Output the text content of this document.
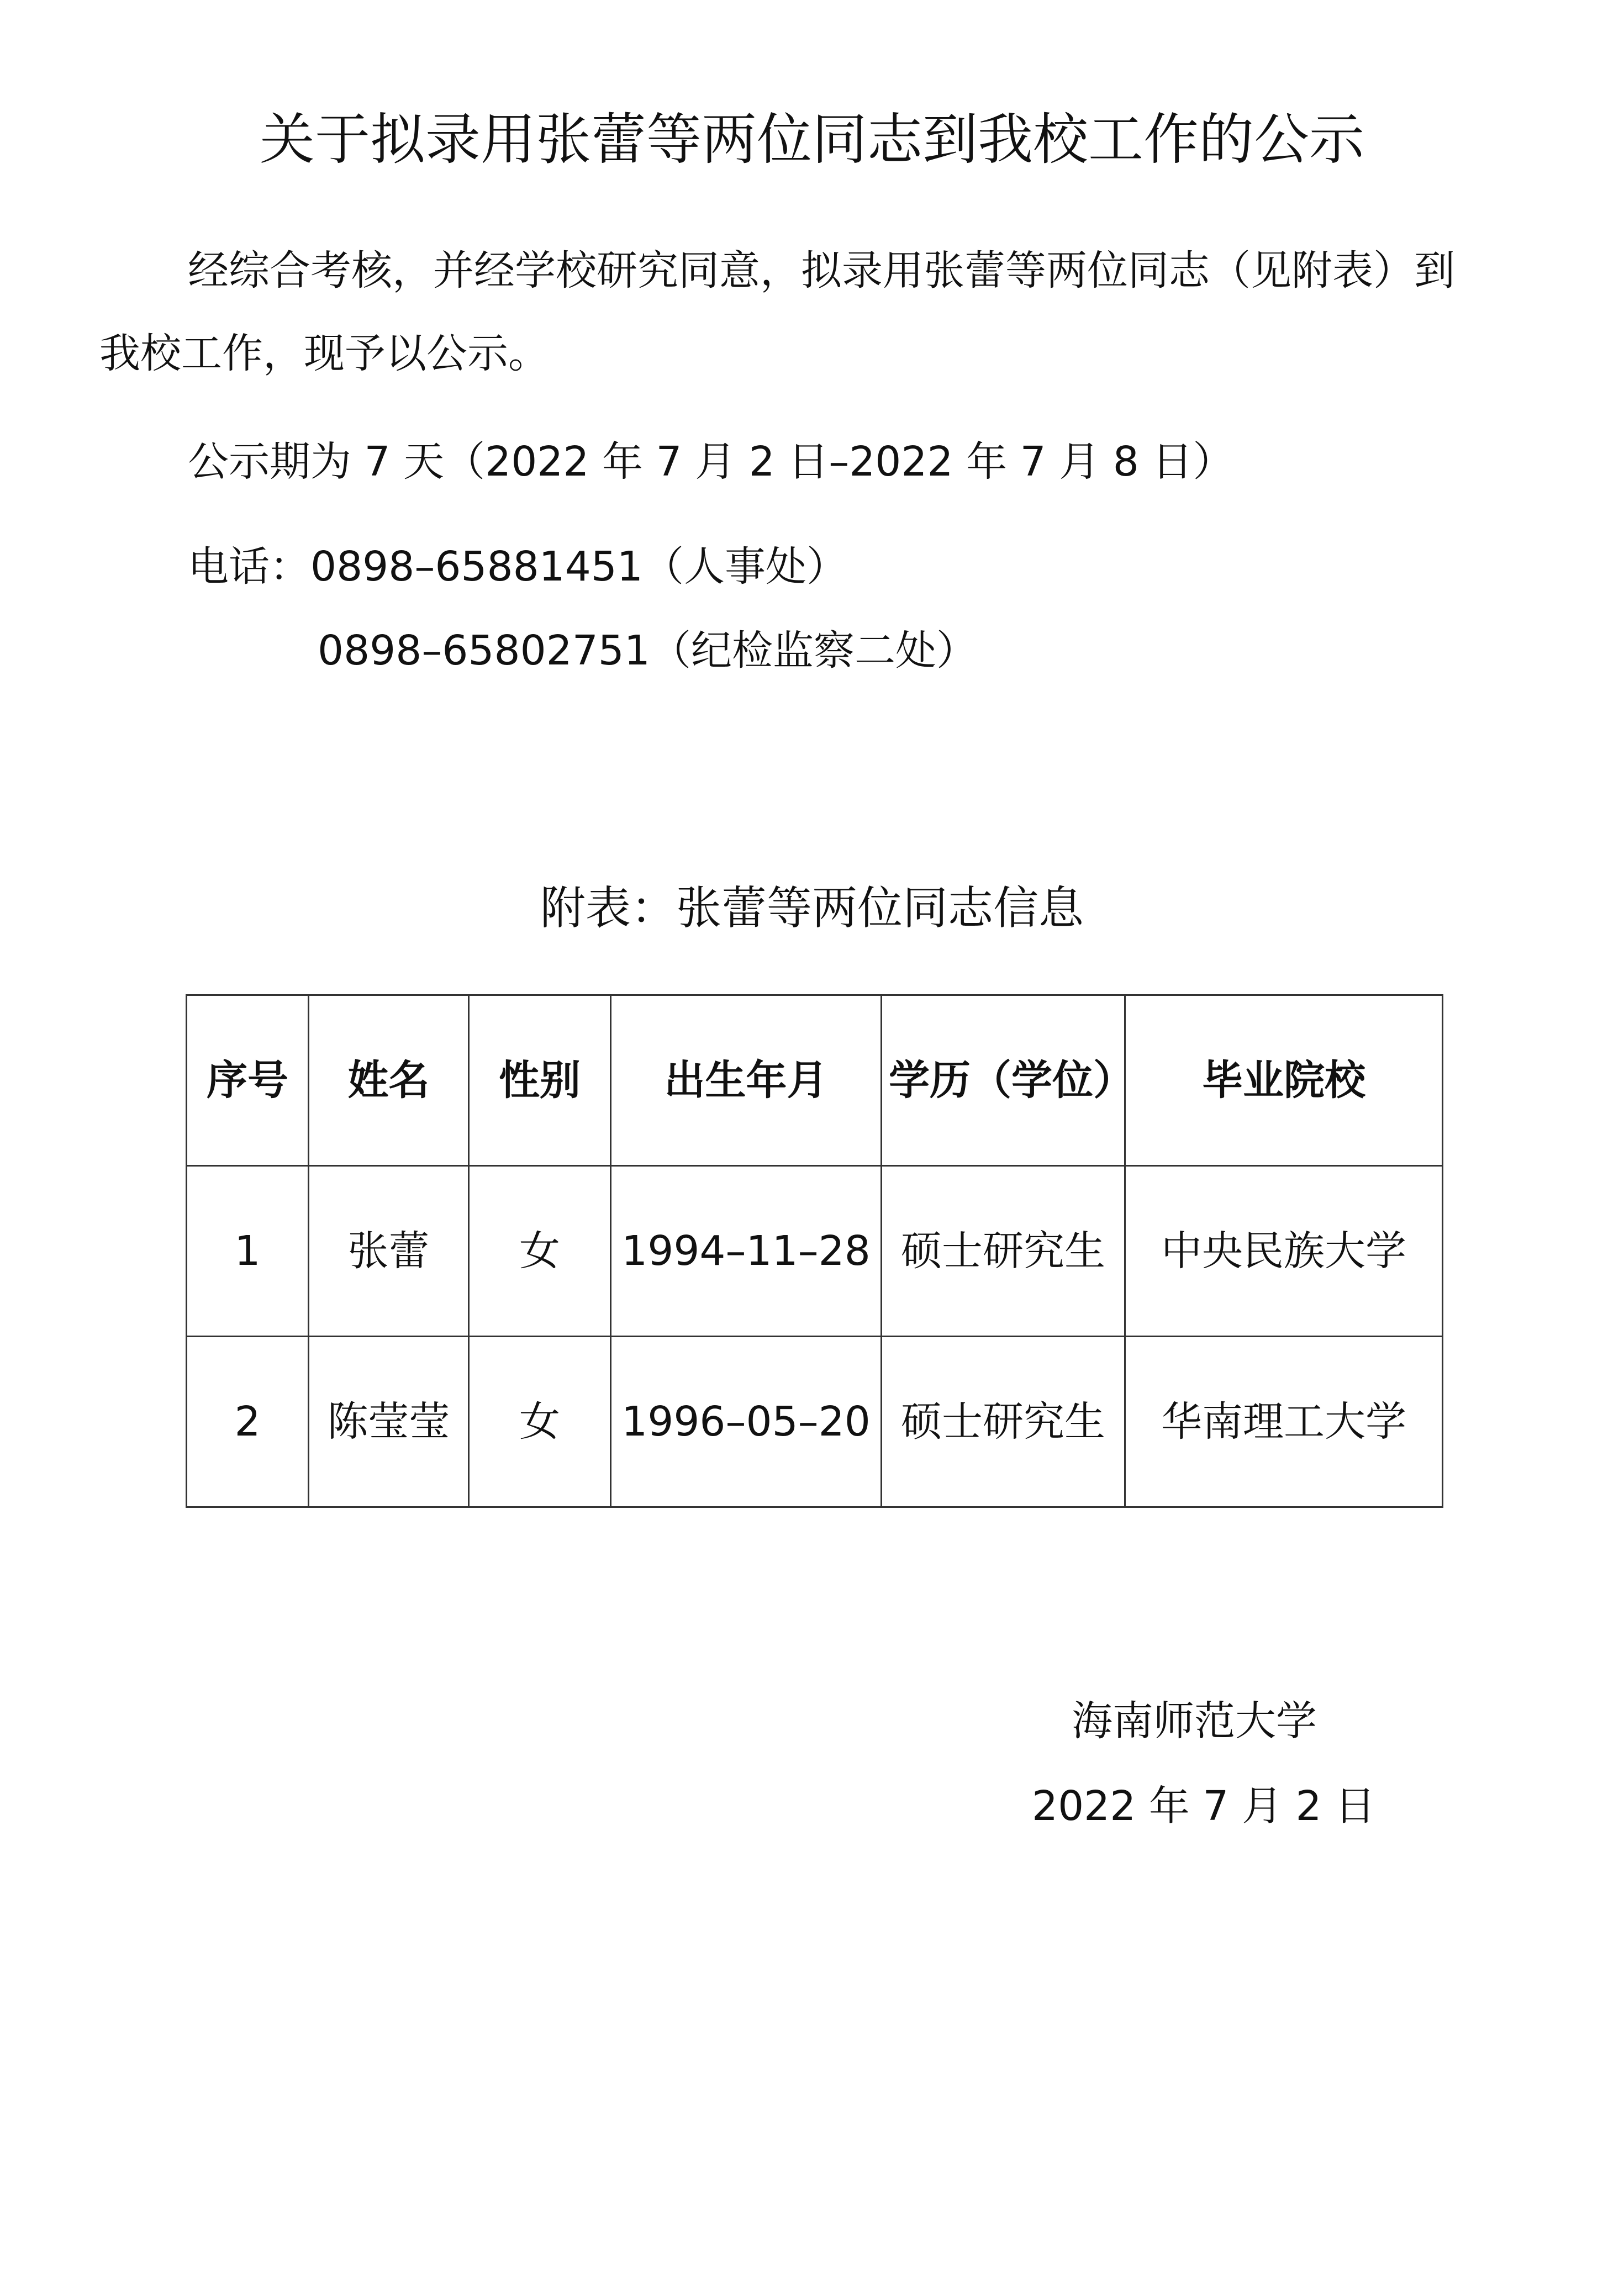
关于拟录用张蕾等两位同志到我校工作的公示
经综合考核，并经学校研究同意，拟录用张蕾等两位同志（见附表）到
我校工作，现予以公示。
公示期为 7 天（2022 年 7 月 2 日–2022 年 7 月 8 日）
电话：0898–65881451（人事处）
0898–65802751（纪检监察二处）
附表：张蕾等两位同志信息
序号	姓名	性别	出生年月	学历（学位）	毕业院校
1	张蕾	女	1994–11–28	硕士研究生	中央民族大学
2	陈莹莹	女	1996–05–20	硕士研究生	华南理工大学
海南师范大学
2022 年 7 月 2 日
